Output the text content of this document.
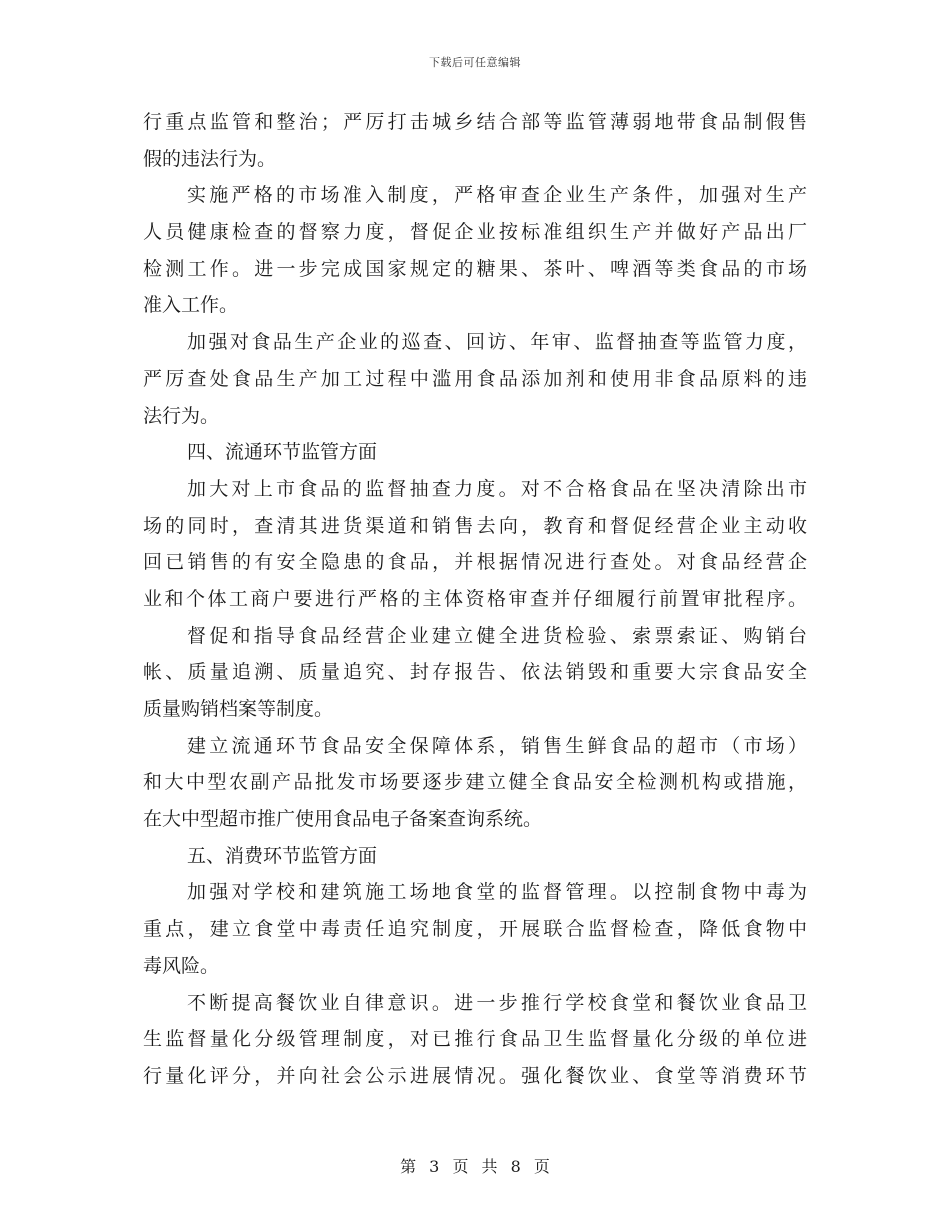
下载后可任意编辑
行重点监管和整治；严厉打击城乡结合部等监管薄弱地带食品制假售
假的违法行为。
实施严格的市场准入制度，严格审查企业生产条件，加强对生产
人员健康检查的督察力度，督促企业按标准组织生产并做好产品出厂
检测工作。进一步完成国家规定的糖果、茶叶、啤酒等类食品的市场
准入工作。
加强对食品生产企业的巡查、回访、年审、监督抽查等监管力度，
严厉查处食品生产加工过程中滥用食品添加剂和使用非食品原料的违
法行为。
四、流通环节监管方面
加大对上市食品的监督抽查力度。对不合格食品在坚决清除出市
场的同时，查清其进货渠道和销售去向，教育和督促经营企业主动收
回已销售的有安全隐患的食品，并根据情况进行查处。对食品经营企
业和个体工商户要进行严格的主体资格审查并仔细履行前置审批程序。
督促和指导食品经营企业建立健全进货检验、索票索证、购销台
帐、质量追溯、质量追究、封存报告、依法销毁和重要大宗食品安全
质量购销档案等制度。
建立流通环节食品安全保障体系，销售生鲜食品的超市（市场）
和大中型农副产品批发市场要逐步建立健全食品安全检测机构或措施，
在大中型超市推广使用食品电子备案查询系统。
五、消费环节监管方面
加强对学校和建筑施工场地食堂的监督管理。以控制食物中毒为
重点，建立食堂中毒责任追究制度，开展联合监督检查，降低食物中
毒风险。
不断提高餐饮业自律意识。进一步推行学校食堂和餐饮业食品卫
生监督量化分级管理制度，对已推行食品卫生监督量化分级的单位进
行量化评分，并向社会公示进展情况。强化餐饮业、食堂等消费环节
第 3 页 共 8 页
